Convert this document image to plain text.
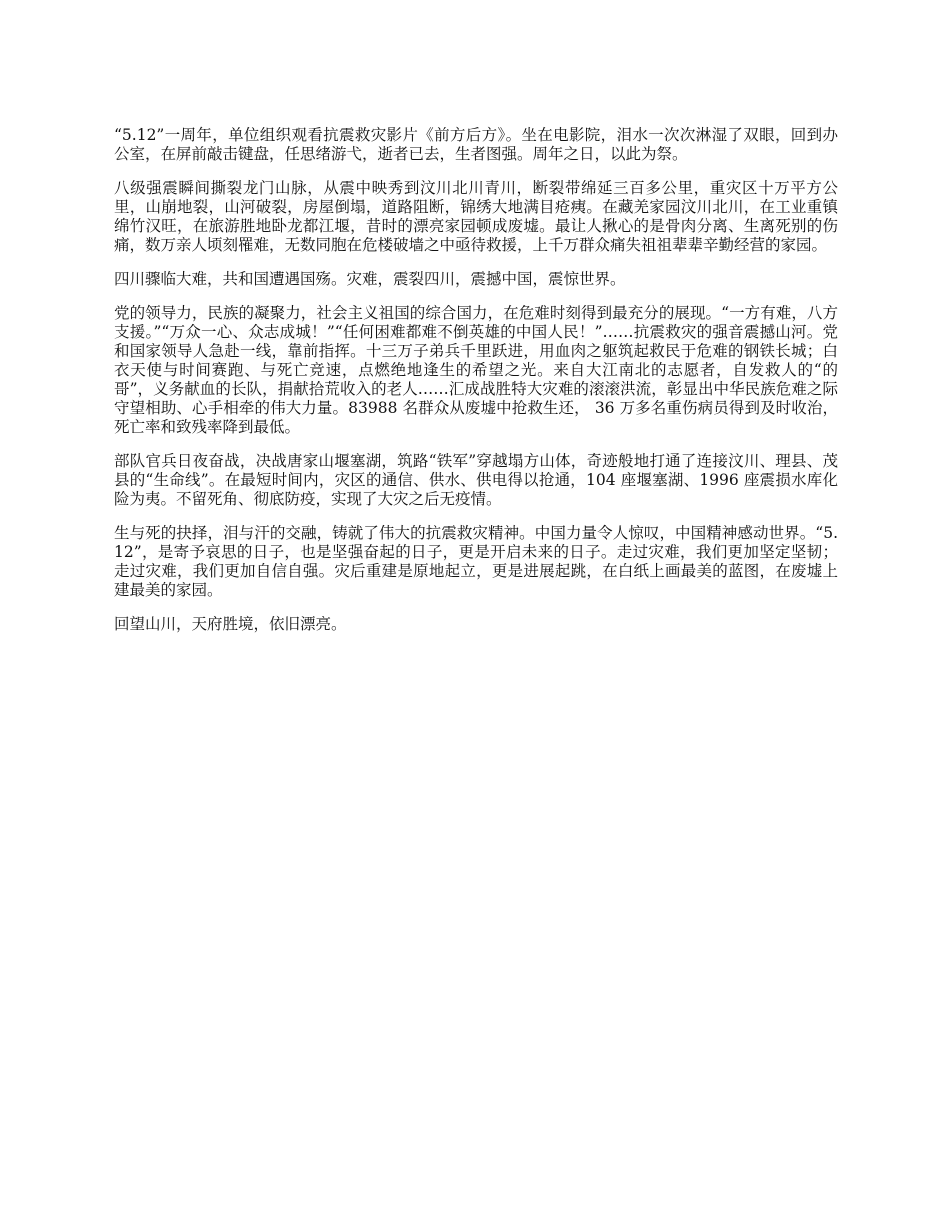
“5.12”一周年，单位组织观看抗震救灾影片《前方后方》。坐在电影院，泪水一次次淋湿了双眼，回到办公室，在屏前敲击键盘，任思绪游弋，逝者已去，生者图强。周年之日，以此为祭。

八级强震瞬间撕裂龙门山脉，从震中映秀到汶川北川青川，断裂带绵延三百多公里，重灾区十万平方公里，山崩地裂，山河破裂，房屋倒塌，道路阻断，锦绣大地满目疮痍。在藏羌家园汶川北川，在工业重镇绵竹汉旺，在旅游胜地卧龙都江堰，昔时的漂亮家园顿成废墟。最让人揪心的是骨肉分离、生离死别的伤痛，数万亲人顷刻罹难，无数同胞在危楼破墙之中亟待救援，上千万群众痛失祖祖辈辈辛勤经营的家园。

四川骤临大难，共和国遭遇国殇。灾难，震裂四川，震撼中国，震惊世界。

党的领导力，民族的凝聚力，社会主义祖国的综合国力，在危难时刻得到最充分的展现。“一方有难，八方支援。”“万众一心、众志成城！”“任何困难都难不倒英雄的中国人民！”……抗震救灾的强音震撼山河。党和国家领导人急赴一线，靠前指挥。十三万子弟兵千里跃进，用血肉之躯筑起救民于危难的钢铁长城；白衣天使与时间赛跑、与死亡竞速，点燃绝地逢生的希望之光。来自大江南北的志愿者，自发救人的“的哥”，义务献血的长队，捐献拾荒收入的老人……汇成战胜特大灾难的滚滚洪流，彰显出中华民族危难之际守望相助、心手相牵的伟大力量。83988 名群众从废墟中抢救生还， 36 万多名重伤病员得到及时收治，死亡率和致残率降到最低。

部队官兵日夜奋战，决战唐家山堰塞湖，筑路“铁军”穿越塌方山体，奇迹般地打通了连接汶川、理县、茂县的“生命线”。在最短时间内，灾区的通信、供水、供电得以抢通，104 座堰塞湖、1996 座震损水库化险为夷。不留死角、彻底防疫，实现了大灾之后无疫情。

生与死的抉择，泪与汗的交融，铸就了伟大的抗震救灾精神。中国力量令人惊叹，中国精神感动世界。“5.12”，是寄予哀思的日子，也是坚强奋起的日子，更是开启未来的日子。走过灾难，我们更加坚定坚韧；走过灾难，我们更加自信自强。灾后重建是原地起立，更是进展起跳，在白纸上画最美的蓝图，在废墟上建最美的家园。

回望山川，天府胜境，依旧漂亮。
